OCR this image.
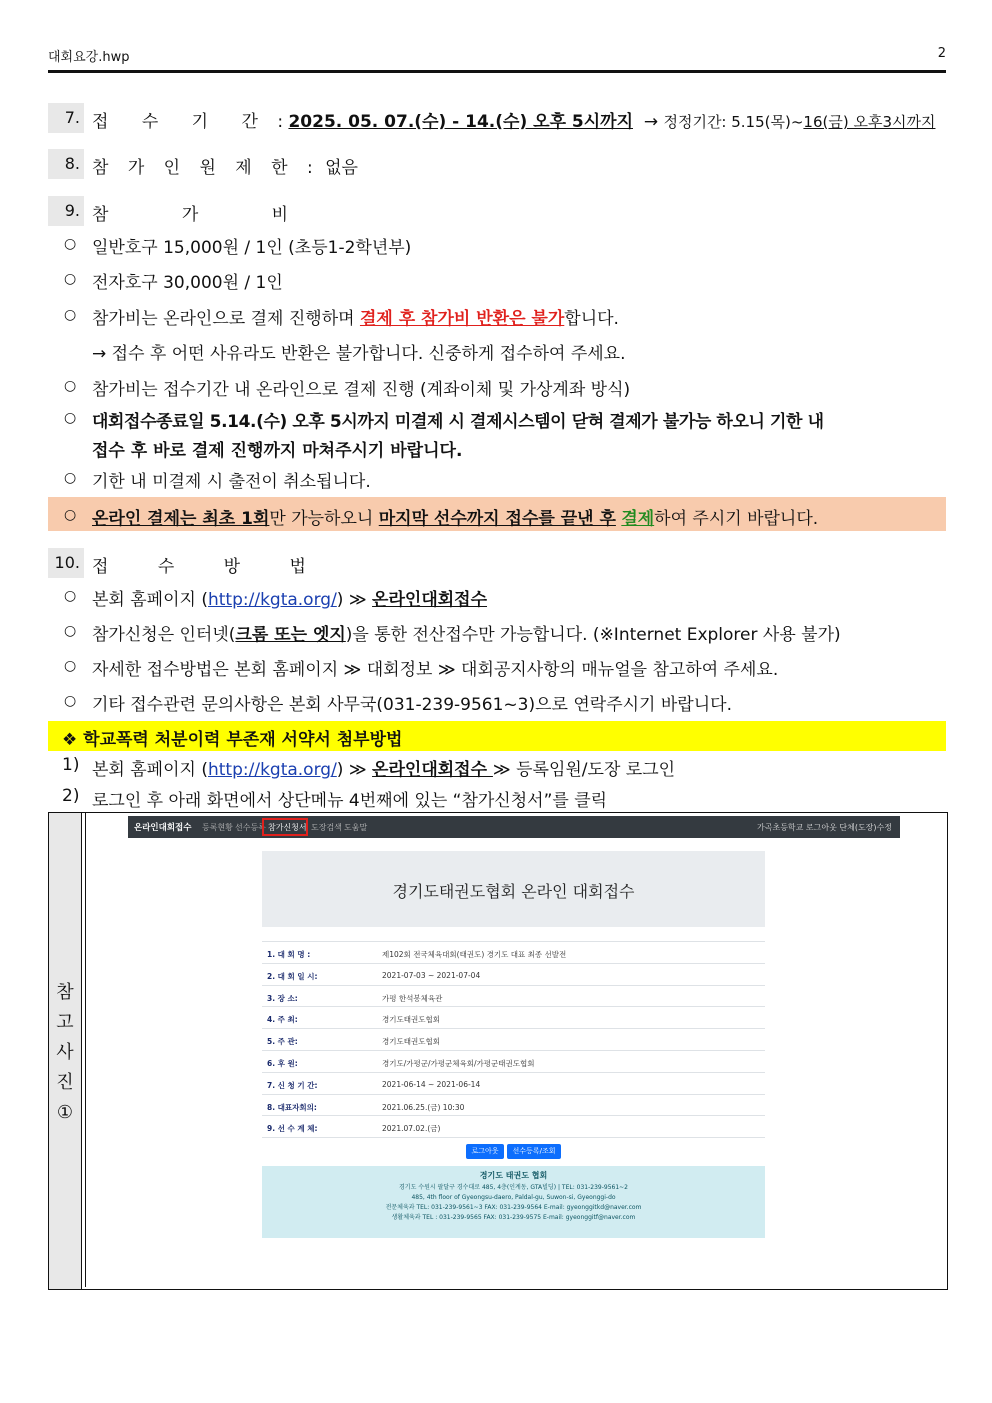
대회요강.hwp	2
7. 접 수 기 간 : 2025. 05. 07.(수) - 14.(수) 오후 5시까지 → 정정기간: 5.15(목)~16(금) 오후3시까지
8. 참 가 인 원 제 한 : 없음
9. 참 가 비
○ 일반호구 15,000원 / 1인 (초등1-2학년부)
○ 전자호구 30,000원 / 1인
○ 참가비는 온라인으로 결제 진행하며 결제 후 참가비 반환은 불가합니다.
→ 접수 후 어떤 사유라도 반환은 불가합니다. 신중하게 접수하여 주세요.
○ 참가비는 접수기간 내 온라인으로 결제 진행 (계좌이체 및 가상계좌 방식)
○ 대회접수종료일 5.14.(수) 오후 5시까지 미결제 시 결제시스템이 닫혀 결제가 불가능 하오니 기한 내
접수 후 바로 결제 진행까지 마쳐주시기 바랍니다.
○ 기한 내 미결제 시 출전이 취소됩니다.
○ 온라인 결제는 최초 1회만 가능하오니 마지막 선수까지 접수를 끝낸 후 결제하여 주시기 바랍니다.
10. 접 수 방 법
○ 본회 홈페이지 (http://kgta.org/) ≫ 온라인대회접수
○ 참가신청은 인터넷(크롬 또는 엣지)을 통한 전산접수만 가능합니다. (※Internet Explorer 사용 불가)
○ 자세한 접수방법은 본회 홈페이지 ≫ 대회정보 ≫ 대회공지사항의 매뉴얼을 참고하여 주세요.
○ 기타 접수관련 문의사항은 본회 사무국(031-239-9561~3)으로 연락주시기 바랍니다.
❖ 학교폭력 처분이력 부존재 서약서 첨부방법
1) 본회 홈페이지 (http://kgta.org/) ≫ 온라인대회접수 ≫ 등록임원/도장 로그인
2) 로그인 후 아래 화면에서 상단메뉴 4번째에 있는 “참가신청서”를 클릭
참
고
사
진
①
온라인대회접수 등록현황 선수등록 참가신청서 도장검색 도움말	가곡초등학교 로그아웃 단체(도장)수정
경기도태권도협회 온라인 대회접수
1. 대 회 명 :	제102회 전국체육대회(태권도) 경기도 대표 최종 선발전
2. 대 회 일 시:	2021-07-03 ~ 2021-07-04
3. 장 소:	가평 한석봉체육관
4. 주 최:	경기도태권도협회
5. 주 관:	경기도태권도협회
6. 후 원:	경기도/가평군/가평군체육회/가평군태권도협회
7. 신 청 기 간:	2021-06-14 ~ 2021-06-14
8. 대표자회의:	2021.06.25.(금) 10:30
9. 선 수 계 체:	2021.07.02.(금)
로그아웃	선수등록/조회
경기도 태권도 협회
경기도 수원시 팔달구 경수대로 485, 4층(인계동, GTA빌딩) | TEL: 031-239-9561~2
485, 4th floor of Gyeongsu-daero, Paldal-gu, Suwon-si, Gyeonggi-do
전문체육과 TEL: 031-239-9561~3 FAX: 031-239-9564 E-mail: gyeonggitkd@naver.com
생활체육과 TEL : 031-239-9565 FAX: 031-239-9575 E-mail: gyeonggitf@naver.com
